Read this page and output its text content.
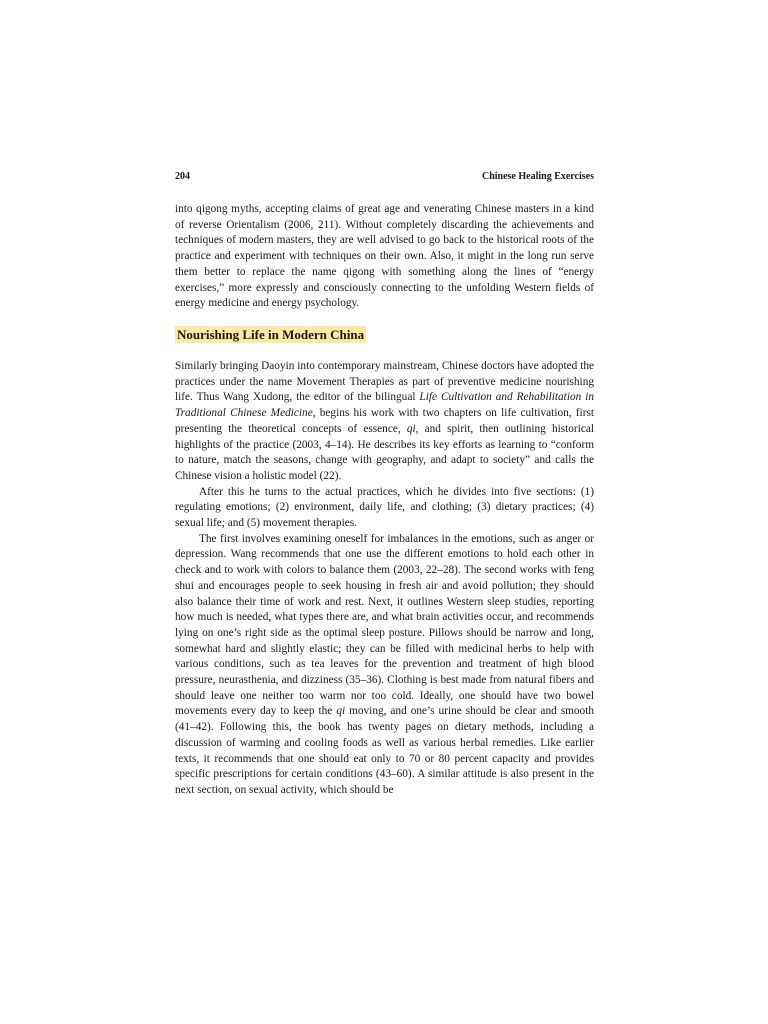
204	Chinese Healing Exercises

into qigong myths, accepting claims of great age and venerating Chinese masters in a kind of reverse Orientalism (2006, 211). Without completely discarding the achievements and techniques of modern masters, they are well advised to go back to the historical roots of the practice and experiment with techniques on their own. Also, it might in the long run serve them better to replace the name qigong with something along the lines of “energy exercises,” more expressly and consciously connecting to the unfolding Western fields of energy medicine and energy psychology.

Nourishing Life in Modern China

Similarly bringing Daoyin into contemporary mainstream, Chinese doctors have adopted the practices under the name Movement Therapies as part of preventive medicine nourishing life. Thus Wang Xudong, the editor of the bilingual Life Cultivation and Rehabilitation in Traditional Chinese Medicine, begins his work with two chapters on life cultivation, first presenting the theoretical concepts of essence, qi, and spirit, then outlining historical highlights of the practice (2003, 4–14). He describes its key efforts as learning to “conform to nature, match the seasons, change with geography, and adapt to society” and calls the Chinese vision a holistic model (22).

After this he turns to the actual practices, which he divides into five sections: (1) regulating emotions; (2) environment, daily life, and clothing; (3) dietary practices; (4) sexual life; and (5) movement therapies.

The first involves examining oneself for imbalances in the emotions, such as anger or depression. Wang recommends that one use the different emotions to hold each other in check and to work with colors to balance them (2003, 22–28). The second works with feng shui and encourages people to seek housing in fresh air and avoid pollution; they should also balance their time of work and rest. Next, it outlines Western sleep studies, reporting how much is needed, what types there are, and what brain activities occur, and recommends lying on one’s right side as the optimal sleep posture. Pillows should be narrow and long, somewhat hard and slightly elastic; they can be filled with medicinal herbs to help with various conditions, such as tea leaves for the prevention and treatment of high blood pressure, neurasthenia, and dizziness (35–36). Clothing is best made from natural fibers and should leave one neither too warm nor too cold. Ideally, one should have two bowel movements every day to keep the qi moving, and one’s urine should be clear and smooth (41–42). Following this, the book has twenty pages on dietary methods, including a discussion of warming and cooling foods as well as various herbal remedies. Like earlier texts, it recommends that one should eat only to 70 or 80 percent capacity and provides specific prescriptions for certain conditions (43–60). A similar attitude is also present in the next section, on sexual activity, which should be
